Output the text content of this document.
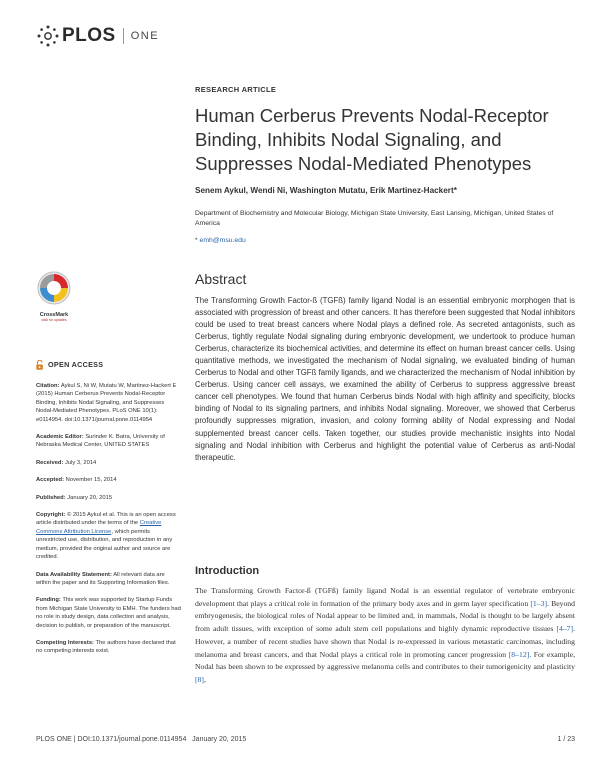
PLOS ONE
RESEARCH ARTICLE
Human Cerberus Prevents Nodal-Receptor Binding, Inhibits Nodal Signaling, and Suppresses Nodal-Mediated Phenotypes
Senem Aykul, Wendi Ni, Washington Mutatu, Erik Martinez-Hackert*
Department of Biochemistry and Molecular Biology, Michigan State University, East Lansing, Michigan, United States of America
* emh@msu.edu
CrossMark
click for updates
OPEN ACCESS

Citation: Aykul S, Ni W, Mutatu W, Martinez-Hackert E (2015) Human Cerberus Prevents Nodal-Receptor Binding, Inhibits Nodal Signaling, and Suppresses Nodal-Mediated Phenotypes. PLoS ONE 10(1): e0114954. doi:10.1371/journal.pone.0114954

Academic Editor: Surinder K. Batra, University of Nebraska Medical Center, UNITED STATES

Received: July 3, 2014

Accepted: November 15, 2014

Published: January 20, 2015

Copyright: © 2015 Aykul et al. This is an open access article distributed under the terms of the Creative Commons Attribution License, which permits unrestricted use, distribution, and reproduction in any medium, provided the original author and source are credited.

Data Availability Statement: All relevant data are within the paper and its Supporting Information files.

Funding: This work was supported by Startup Funds from Michigan State University to EMH. The funders had no role in study design, data collection and analysis, decision to publish, or preparation of the manuscript.

Competing Interests: The authors have declared that no competing interests exist.

Abstract

The Transforming Growth Factor-ß (TGFß) family ligand Nodal is an essential embryonic morphogen that is associated with progression of breast and other cancers. It has therefore been suggested that Nodal inhibitors could be used to treat breast cancers where Nodal plays a defined role. As secreted antagonists, such as Cerberus, tightly regulate Nodal signaling during embryonic development, we undertook to produce human Cerberus, characterize its biochemical activities, and determine its effect on human breast cancer cells. Using quantitative methods, we investigated the mechanism of Nodal signaling, we evaluated binding of human Cerberus to Nodal and other TGFß family ligands, and we characterized the mechanism of Nodal inhibition by Cerberus. Using cancer cell assays, we examined the ability of Cerberus to suppress aggressive breast cancer cell phenotypes. We found that human Cerberus binds Nodal with high affinity and specificity, blocks binding of Nodal to its signaling partners, and inhibits Nodal signaling. Moreover, we showed that Cerberus profoundly suppresses migration, invasion, and colony forming ability of Nodal expressing and Nodal supplemented breast cancer cells. Taken together, our studies provide mechanistic insights into Nodal signaling and Nodal inhibition with Cerberus and highlight the potential value of Cerberus as anti-Nodal therapeutic.

Introduction

The Transforming Growth Factor-ß (TGFß) family ligand Nodal is an essential regulator of vertebrate embryonic development that plays a critical role in formation of the primary body axes and in germ layer specification [1–3]. Beyond embryogenesis, the biological roles of Nodal appear to be limited and, in mammals, Nodal is thought to be largely absent from adult tissues, with exception of some adult stem cell populations and highly dynamic reproductive tissues [4–7]. However, a number of recent studies have shown that Nodal is re-expressed in various metastatic carcinomas, including melanoma and breast cancers, and that Nodal plays a critical role in promoting cancer progression [8–12]. For example, Nodal has been shown to be expressed by aggressive melanoma cells and contributes to their tumorigenicity and plasticity [8],

PLOS ONE | DOI:10.1371/journal.pone.0114954   January 20, 2015	1 / 23
